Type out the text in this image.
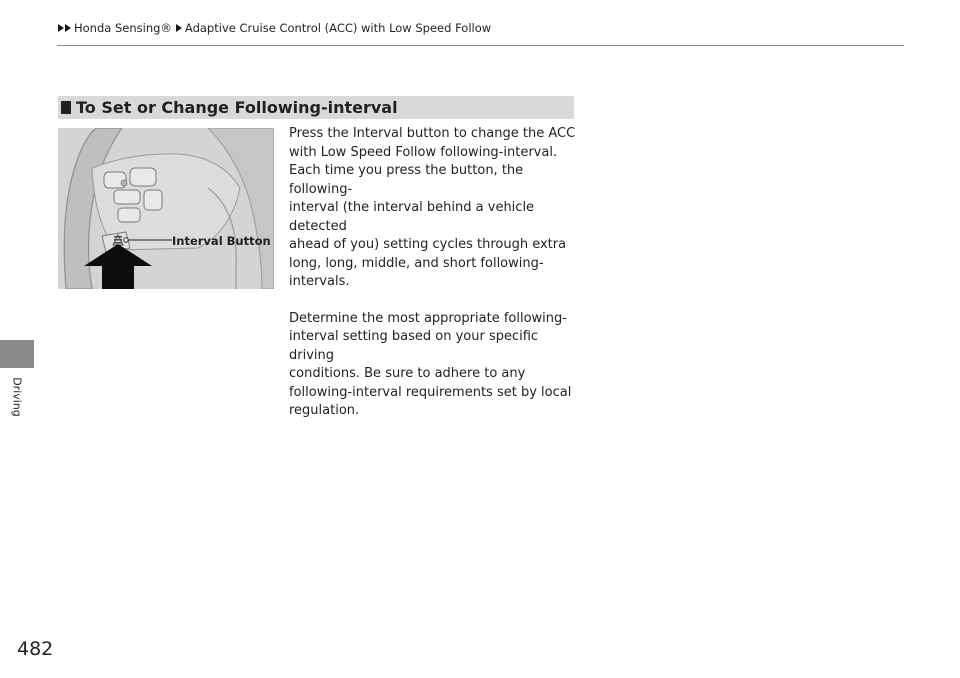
Honda Sensing® Adaptive Cruise Control (ACC) with Low Speed Follow
Driving
To Set or Change Following-interval
Interval Button

Press the Interval button to change the ACC
with Low Speed Follow following-interval.
Each time you press the button, the following-
interval (the interval behind a vehicle detected
ahead of you) setting cycles through extra
long, long, middle, and short following-
intervals.

Determine the most appropriate following-
interval setting based on your specific driving
conditions. Be sure to adhere to any
following-interval requirements set by local
regulation.

482
